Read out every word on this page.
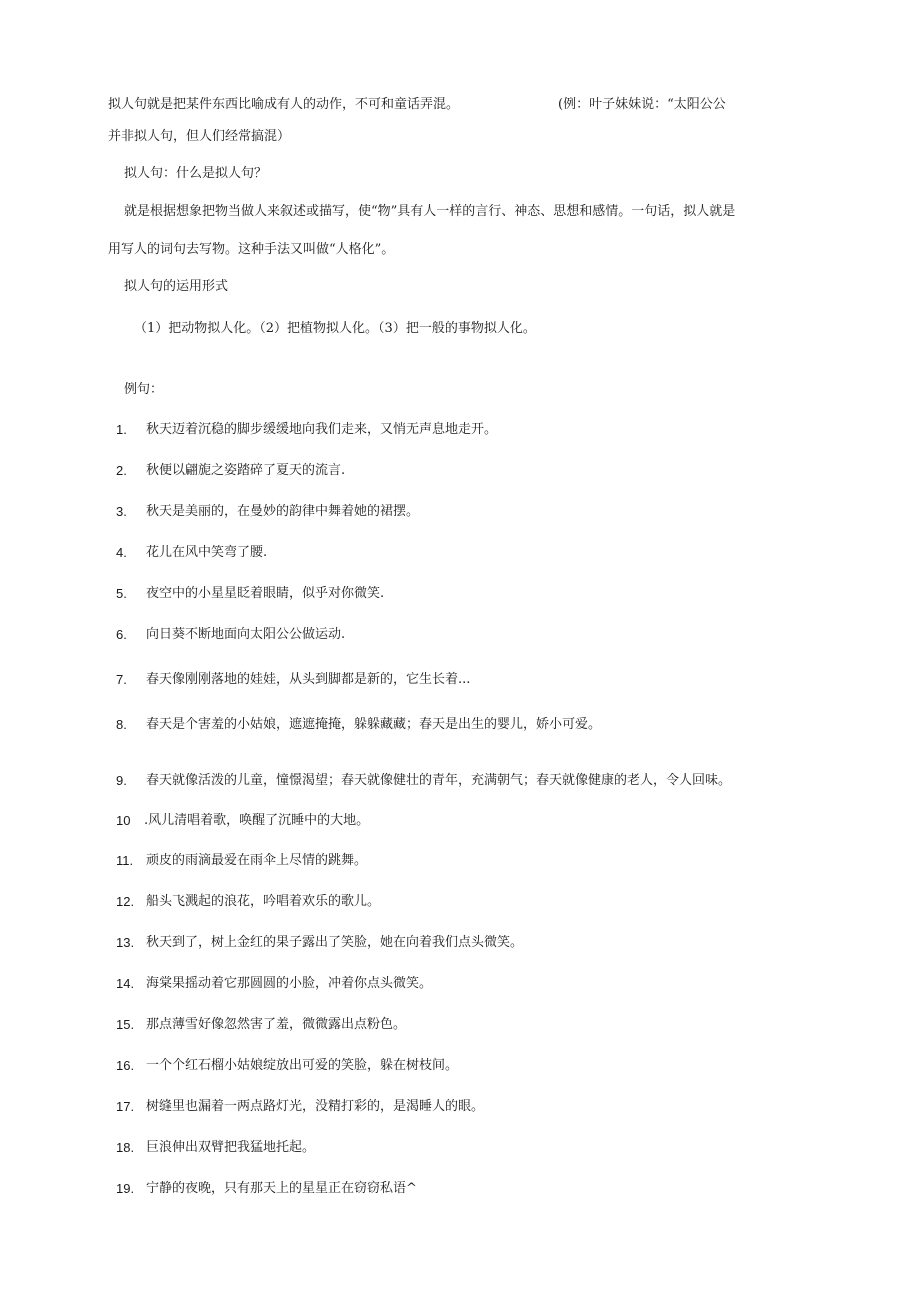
拟人句就是把某件东西比喻成有人的动作，不可和童话弄混。	(例：叶子妹妹说：“太阳公公
并非拟人句，但人们经常搞混）
拟人句：什么是拟人句？
就是根据想象把物当做人来叙述或描写，使“物”具有人一样的言行、神态、思想和感情。一句话，拟人就是
用写人的词句去写物。这种手法又叫做“人格化”。
拟人句的运用形式
（1）把动物拟人化。（2）把植物拟人化。（3）把一般的事物拟人化。
例句：
1. 秋天迈着沉稳的脚步缓缓地向我们走来，又悄无声息地走开。
2. 秋便以翩旎之姿踏碎了夏天的流言.
3. 秋天是美丽的，在曼妙的韵律中舞着她的裙摆。
4. 花儿在风中笑弯了腰.
5. 夜空中的小星星眨着眼睛，似乎对你微笑.
6. 向日葵不断地面向太阳公公做运动.
7. 春天像刚刚落地的娃娃，从头到脚都是新的，它生长着...
8. 春天是个害羞的小姑娘，遮遮掩掩，躲躲藏藏；春天是出生的婴儿，娇小可爱。
9. 春天就像活泼的儿童，憧憬渴望；春天就像健壮的青年，充满朝气；春天就像健康的老人，令人回味。
10 .风儿清唱着歌，唤醒了沉睡中的大地。
11. 顽皮的雨滴最爱在雨伞上尽情的跳舞。
12. 船头飞溅起的浪花，吟唱着欢乐的歌儿。
13. 秋天到了，树上金红的果子露出了笑脸，她在向着我们点头微笑。
14. 海棠果摇动着它那圆圆的小脸，冲着你点头微笑。
15. 那点薄雪好像忽然害了羞，微微露出点粉色。
16. 一个个红石榴小姑娘绽放出可爱的笑脸，躲在树枝间。
17. 树缝里也漏着一两点路灯光，没精打彩的，是渴睡人的眼。
18. 巨浪伸出双臂把我猛地托起。
19. 宁静的夜晚，只有那天上的星星正在窃窃私语^
